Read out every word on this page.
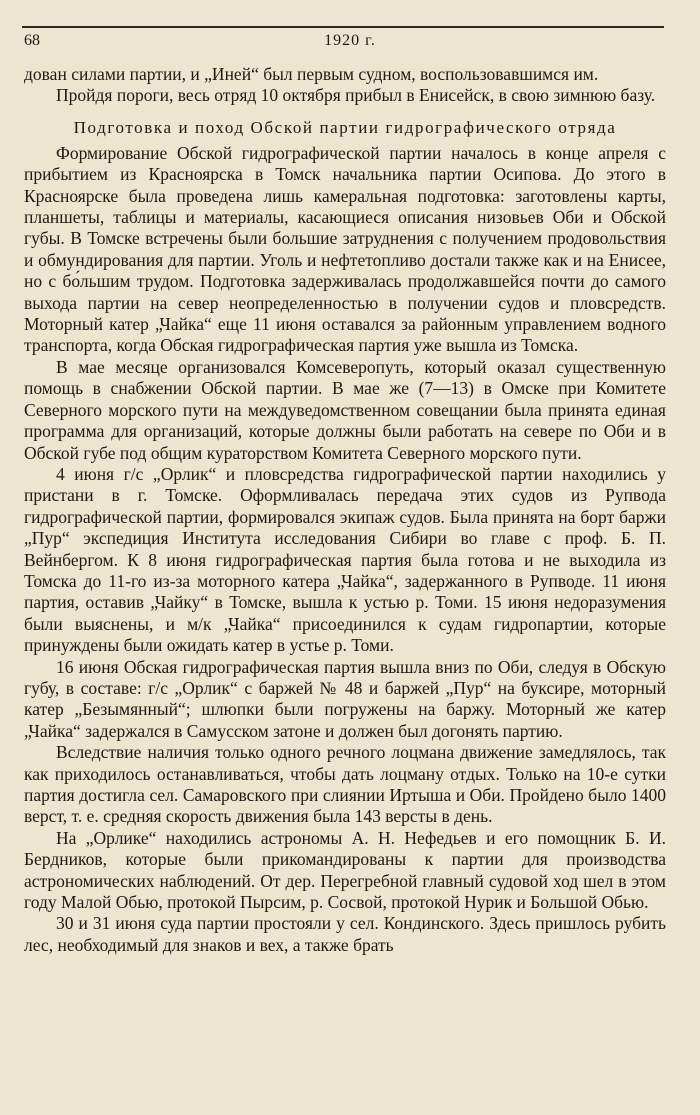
68	1920 г.

дован силами партии, и „Иней“ был первым судном, воспользовавшимся им.

Пройдя пороги, весь отряд 10 октября прибыл в Енисейск, в свою зимнюю базу.

Подготовка и поход Обской партии гидрографического отряда

Формирование Обской гидрографической партии началось в конце апреля с прибытием из Красноярска в Томск начальника партии Осипова. До этого в Красноярске была проведена лишь камеральная подготовка: заготовлены карты, планшеты, таблицы и материалы, касающиеся описания низовьев Оби и Обской губы. В Томске встречены были большие затруднения с получением продовольствия и обмундирования для партии. Уголь и нефтетопливо достали также как и на Енисее, но с бо́льшим трудом. Подготовка задерживалась продолжавшейся почти до самого выхода партии на север неопределенностью в получении судов и пловсредств. Моторный катер „Чайка“ еще 11 июня оставался за районным управлением водного транспорта, когда Обская гидрографическая партия уже вышла из Томска.

В мае месяце организовался Комсеверопуть, который оказал существенную помощь в снабжении Обской партии. В мае же (7—13) в Омске при Комитете Северного морского пути на междуведомственном совещании была принята единая программа для организаций, которые должны были работать на севере по Оби и в Обской губе под общим кураторством Комитета Северного морского пути.

4 июня г/с „Орлик“ и пловсредства гидрографической партии находились у пристани в г. Томске. Оформливалась передача этих судов из Рупвода гидрографической партии, формировался экипаж судов. Была принята на борт баржи „Пур“ экспедиция Института исследования Сибири во главе с проф. Б. П. Вейнбергом. К 8 июня гидрографическая партия была готова и не выходила из Томска до 11-го из-за моторного катера „Чайка“, задержанного в Рупводе. 11 июня партия, оставив „Чайку“ в Томске, вышла к устью р. Томи. 15 июня недоразумения были выяснены, и м/к „Чайка“ присоединился к судам гидропартии, которые принуждены были ожидать катер в устье р. Томи.

16 июня Обская гидрографическая партия вышла вниз по Оби, следуя в Обскую губу, в составе: г/с „Орлик“ с баржей № 48 и баржей „Пур“ на буксире, моторный катер „Безымянный“; шлюпки были погружены на баржу. Моторный же катер „Чайка“ задержался в Самусском затоне и должен был догонять партию.

Вследствие наличия только одного речного лоцмана движение замедлялось, так как приходилось останавливаться, чтобы дать лоцману отдых. Только на 10-е сутки партия достигла сел. Самаровского при слиянии Иртыша и Оби. Пройдено было 1400 верст, т. е. средняя скорость движения была 143 версты в день.

На „Орлике“ находились астрономы А. Н. Нефедьев и его помощник Б. И. Бердников, которые были прикомандированы к партии для производства астрономических наблюдений. От дер. Перегребной главный судовой ход шел в этом году Малой Обью, протокой Пырсим, р. Сосвой, протокой Нурик и Большой Обью.

30 и 31 июня суда партии простояли у сел. Кондинского. Здесь пришлось рубить лес, необходимый для знаков и вех, а также брать
